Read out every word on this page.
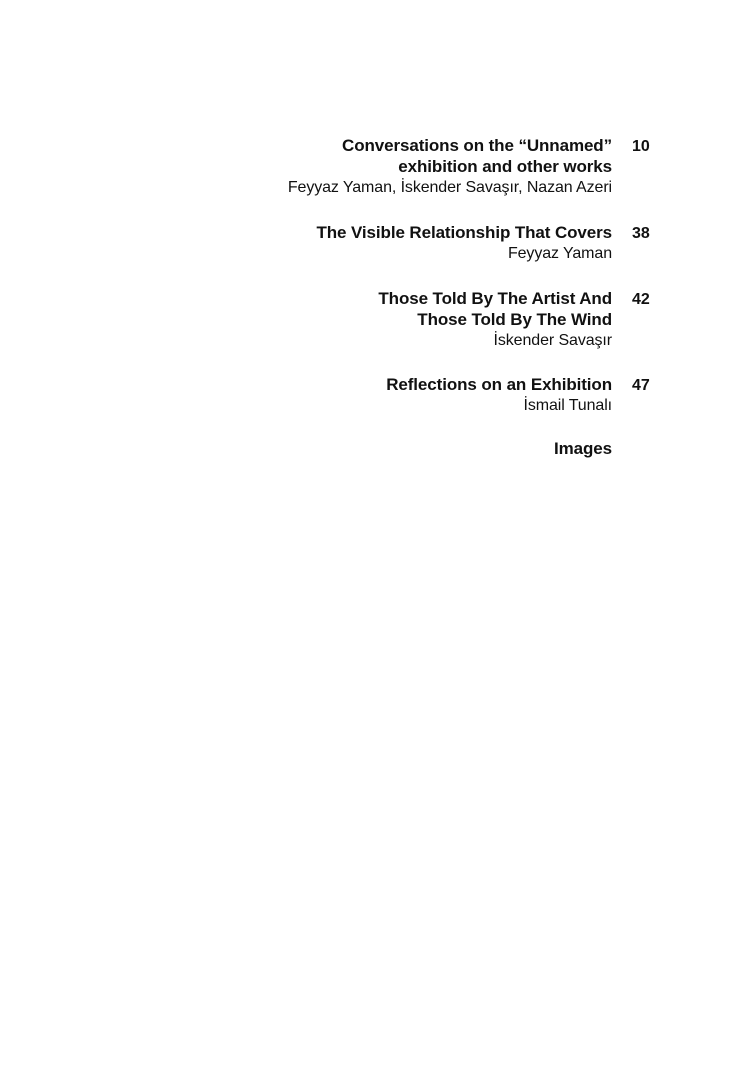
Conversations on the “Unnamed”
exhibition and other works
Feyyaz Yaman, İskender Savaşır, Nazan Azeri
10
The Visible Relationship That Covers
Feyyaz Yaman
38
Those Told By The Artist And
Those Told By The Wind
İskender Savaşır
42
Reflections on an Exhibition
İsmail Tunalı
47
Images
